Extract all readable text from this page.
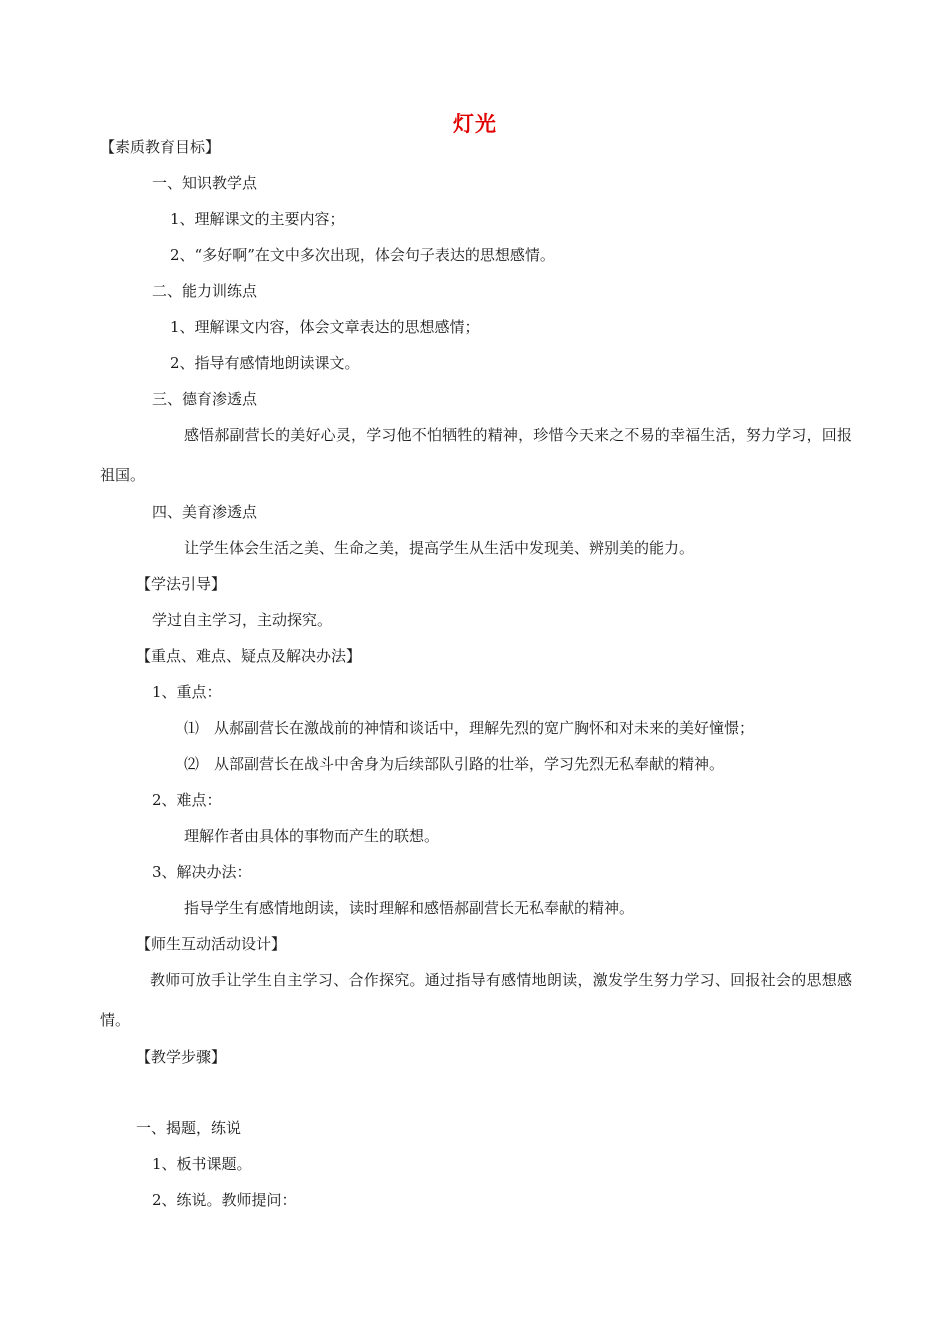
灯光
【素质教育目标】
一、知识教学点
1、理解课文的主要内容；
2、“多好啊”在文中多次出现，体会句子表达的思想感情。
二、能力训练点
1、理解课文内容，体会文章表达的思想感情；
2、指导有感情地朗读课文。
三、德育渗透点
感悟郝副营长的美好心灵，学习他不怕牺牲的精神，珍惜今天来之不易的幸福生活，努力学习，回报祖国。
四、美育渗透点
让学生体会生活之美、生命之美，提高学生从生活中发现美、辨别美的能力。
【学法引导】
学过自主学习，主动探究。
【重点、难点、疑点及解决办法】
1、重点：
⑴　从郝副营长在激战前的神情和谈话中，理解先烈的宽广胸怀和对未来的美好憧憬；
⑵　从部副营长在战斗中舍身为后续部队引路的壮举，学习先烈无私奉献的精神。
2、难点：
理解作者由具体的事物而产生的联想。
3、解决办法：
指导学生有感情地朗读，读时理解和感悟郝副营长无私奉献的精神。
【师生互动活动设计】
教师可放手让学生自主学习、合作探究。通过指导有感情地朗读，激发学生努力学习、回报社会的思想感情。
【教学步骤】
一、揭题，练说
1、板书课题。
2、练说。教师提问：
